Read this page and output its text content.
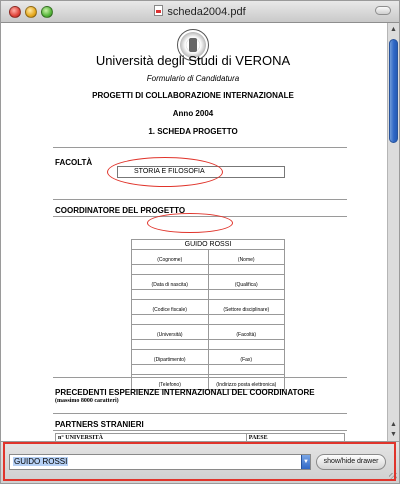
scheda2004.pdf
Università degli Studi di VERONA
Formulario di Candidatura
PROGETTI DI COLLABORAZIONE INTERNAZIONALE
Anno 2004
1. SCHEDA PROGETTO
FACOLTÀ
STORIA E FILOSOFIA
COORDINATORE DEL PROGETTO
GUIDO ROSSI
(Cognome)	(Nome)

(Data di nascita)	(Qualifica)

(Codice fiscale)	(Settore disciplinare)

(Università)	(Facoltà)

(Dipartimento)	(Fax)

(Telefono)	(Indirizzo posta elettronica)
PRECEDENTI ESPERIENZE INTERNAZIONALI DEL COORDINATORE
(massimo 8000 caratteri)
PARTNERS STRANIERI
n° UNIVERSITÀ	PAESE
▲
▲
▼
GUIDO ROSSI	▼	show/hide drawer
